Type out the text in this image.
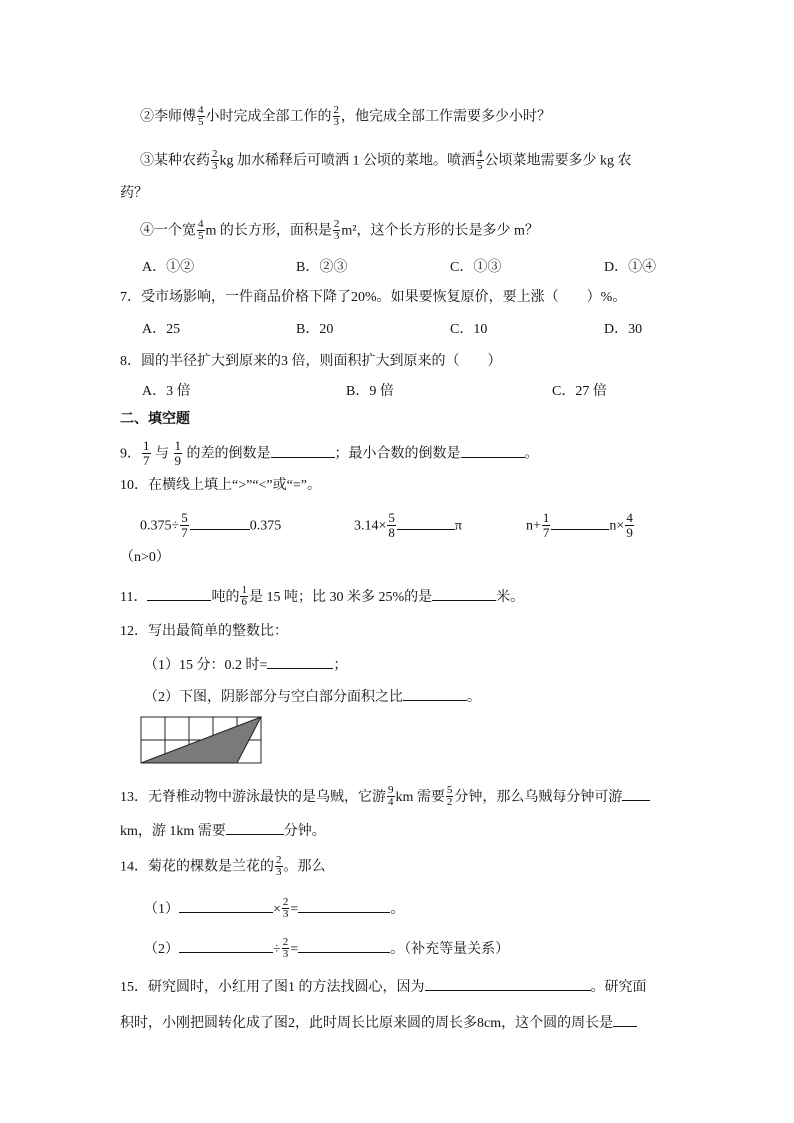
②李师傅 $\frac{4}{5}$ 小时完成全部工作的 $\frac{2}{3}$ ，他完成全部工作需要多少小时？
③某种农药 $\frac{2}{3}$ kg 加水稀释后可喷洒 1 公顷的菜地。喷洒 $\frac{4}{5}$ 公顷菜地需要多少 kg 农
药？
④一个宽 $\frac{4}{5}$ m 的长方形，面积是 $\frac{2}{3} m^2$，这个长方形的长是多少 m？
A．①②	B．②③	C．①③	D．①④
7．受市场影响，一件商品价格下降了20%。如果要恢复原价，要上涨（　　）%。
A．25	B．20	C．10	D．30
8．圆的半径扩大到原来的3 倍，则面积扩大到原来的（　　）
A．3 倍	B．9 倍	C．27 倍
二、填空题
9． $\frac{1}{7}$ 与 $\frac{1}{9}$ 的差的倒数是	；最小合数的倒数是	。
10．在横线上填上“>”“<”或“=”。
$0.375\div \frac{5}{7}$	0.375	$3.14\times \frac{5}{8}$	π	$n+ \frac{1}{7}$	$n\times \frac{4}{9}$
（n>0）
11．	吨的 $\frac{1}{6}$ 是 15 吨；比 30 米多 25%的是	米。
12．写出最简单的整数比：
（1）15 分：0.2 时=	；
（2）下图，阴影部分与空白部分面积之比	。
13．无脊椎动物中游泳最快的是乌贼，它游 $\frac{9}{4}$ km 需要 $\frac{5}{2}$ 分钟，那么乌贼每分钟可游
km，游 1km 需要	分钟。
14．菊花的棵数是兰花的 $\frac{2}{3}$ 。那么
（1）	× $\frac{2}{3}$ =	。
（2）	÷ $\frac{2}{3}$ =	。（补充等量关系）
15．研究圆时，小红用了图1 的方法找圆心，因为	。研究面
积时，小刚把圆转化成了图2，此时周长比原来圆的周长多8cm，这个圆的周长是
